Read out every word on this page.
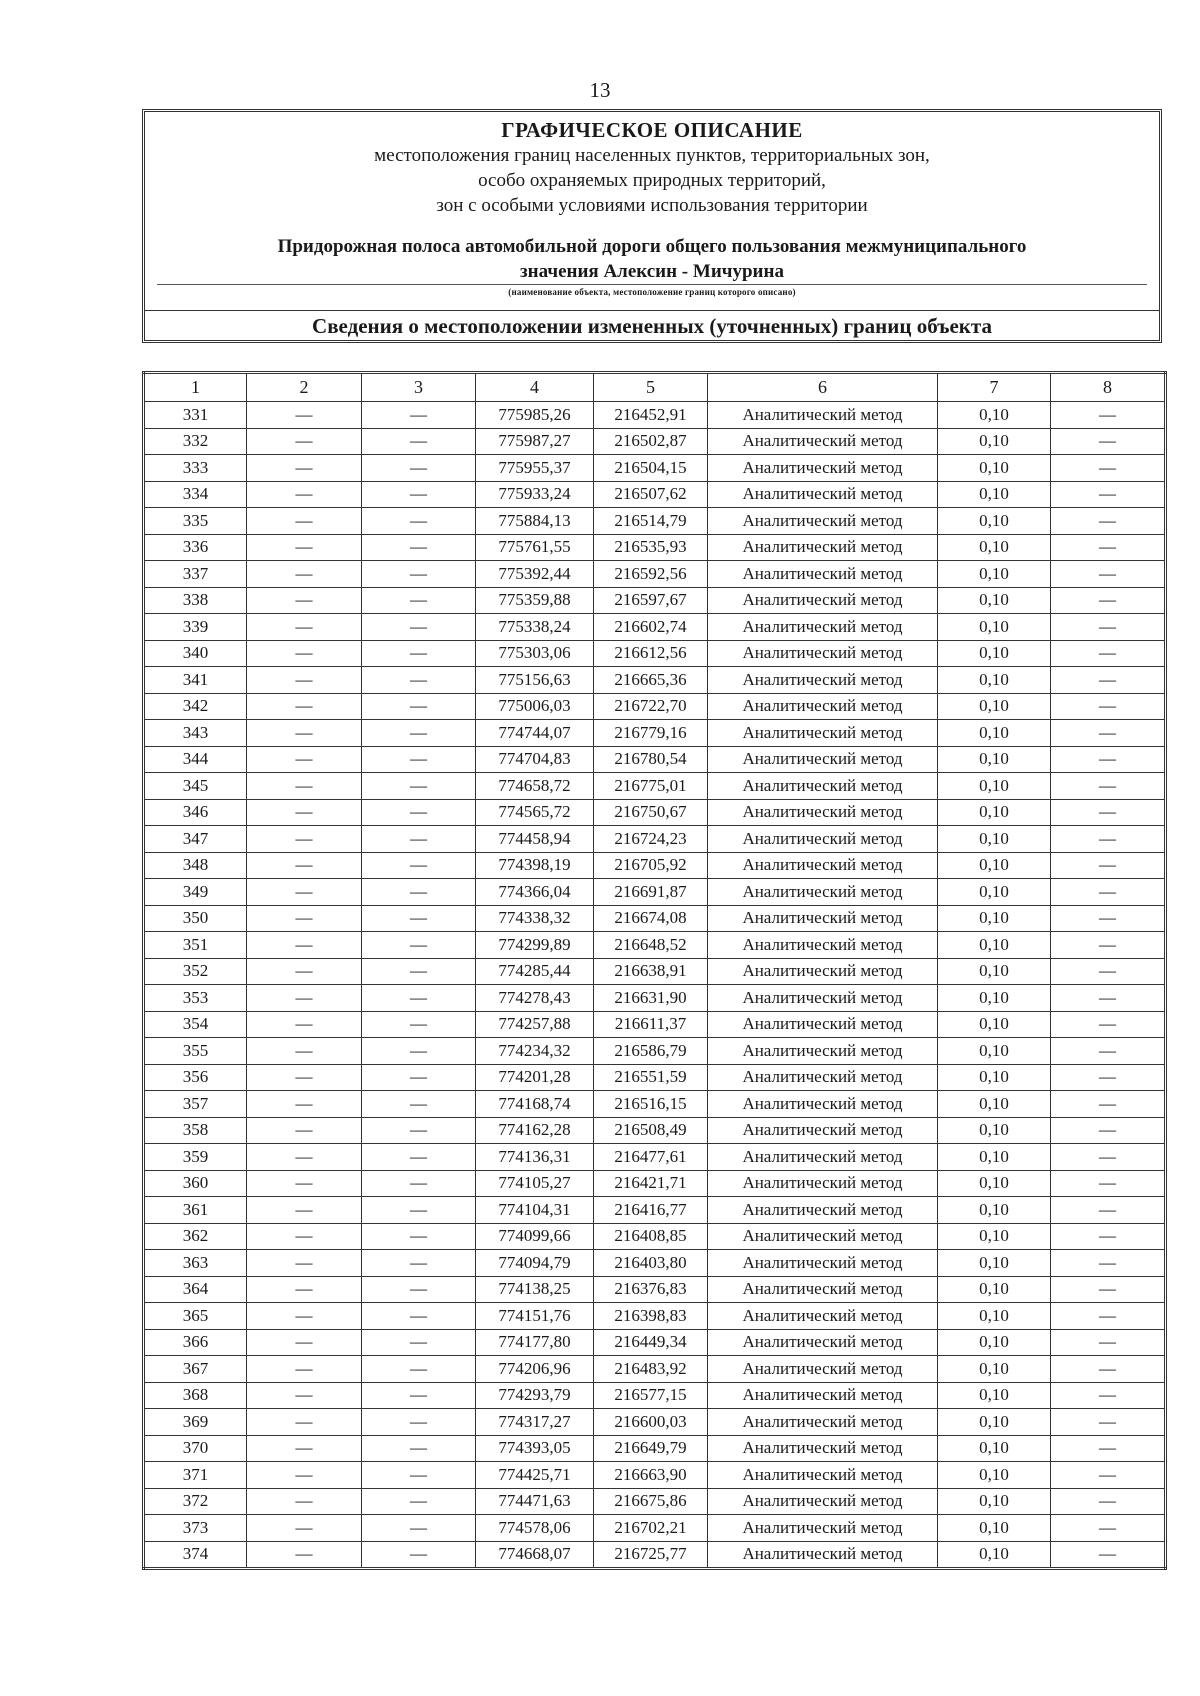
13
ГРАФИЧЕСКОЕ ОПИСАНИЕ
местоположения границ населенных пунктов, территориальных зон,
особо охраняемых природных территорий,
зон с особыми условиями использования территории
Придорожная полоса автомобильной дороги общего пользования межмуниципального
значения Алексин - Мичурина
(наименование объекта, местоположение границ которого описано)
Сведения о местоположении измененных (уточненных) границ объекта
1	2	3	4	5	6	7	8
331	—	—	775985,26	216452,91	Аналитический метод	0,10	—
332	—	—	775987,27	216502,87	Аналитический метод	0,10	—
333	—	—	775955,37	216504,15	Аналитический метод	0,10	—
334	—	—	775933,24	216507,62	Аналитический метод	0,10	—
335	—	—	775884,13	216514,79	Аналитический метод	0,10	—
336	—	—	775761,55	216535,93	Аналитический метод	0,10	—
337	—	—	775392,44	216592,56	Аналитический метод	0,10	—
338	—	—	775359,88	216597,67	Аналитический метод	0,10	—
339	—	—	775338,24	216602,74	Аналитический метод	0,10	—
340	—	—	775303,06	216612,56	Аналитический метод	0,10	—
341	—	—	775156,63	216665,36	Аналитический метод	0,10	—
342	—	—	775006,03	216722,70	Аналитический метод	0,10	—
343	—	—	774744,07	216779,16	Аналитический метод	0,10	—
344	—	—	774704,83	216780,54	Аналитический метод	0,10	—
345	—	—	774658,72	216775,01	Аналитический метод	0,10	—
346	—	—	774565,72	216750,67	Аналитический метод	0,10	—
347	—	—	774458,94	216724,23	Аналитический метод	0,10	—
348	—	—	774398,19	216705,92	Аналитический метод	0,10	—
349	—	—	774366,04	216691,87	Аналитический метод	0,10	—
350	—	—	774338,32	216674,08	Аналитический метод	0,10	—
351	—	—	774299,89	216648,52	Аналитический метод	0,10	—
352	—	—	774285,44	216638,91	Аналитический метод	0,10	—
353	—	—	774278,43	216631,90	Аналитический метод	0,10	—
354	—	—	774257,88	216611,37	Аналитический метод	0,10	—
355	—	—	774234,32	216586,79	Аналитический метод	0,10	—
356	—	—	774201,28	216551,59	Аналитический метод	0,10	—
357	—	—	774168,74	216516,15	Аналитический метод	0,10	—
358	—	—	774162,28	216508,49	Аналитический метод	0,10	—
359	—	—	774136,31	216477,61	Аналитический метод	0,10	—
360	—	—	774105,27	216421,71	Аналитический метод	0,10	—
361	—	—	774104,31	216416,77	Аналитический метод	0,10	—
362	—	—	774099,66	216408,85	Аналитический метод	0,10	—
363	—	—	774094,79	216403,80	Аналитический метод	0,10	—
364	—	—	774138,25	216376,83	Аналитический метод	0,10	—
365	—	—	774151,76	216398,83	Аналитический метод	0,10	—
366	—	—	774177,80	216449,34	Аналитический метод	0,10	—
367	—	—	774206,96	216483,92	Аналитический метод	0,10	—
368	—	—	774293,79	216577,15	Аналитический метод	0,10	—
369	—	—	774317,27	216600,03	Аналитический метод	0,10	—
370	—	—	774393,05	216649,79	Аналитический метод	0,10	—
371	—	—	774425,71	216663,90	Аналитический метод	0,10	—
372	—	—	774471,63	216675,86	Аналитический метод	0,10	—
373	—	—	774578,06	216702,21	Аналитический метод	0,10	—
374	—	—	774668,07	216725,77	Аналитический метод	0,10	—
